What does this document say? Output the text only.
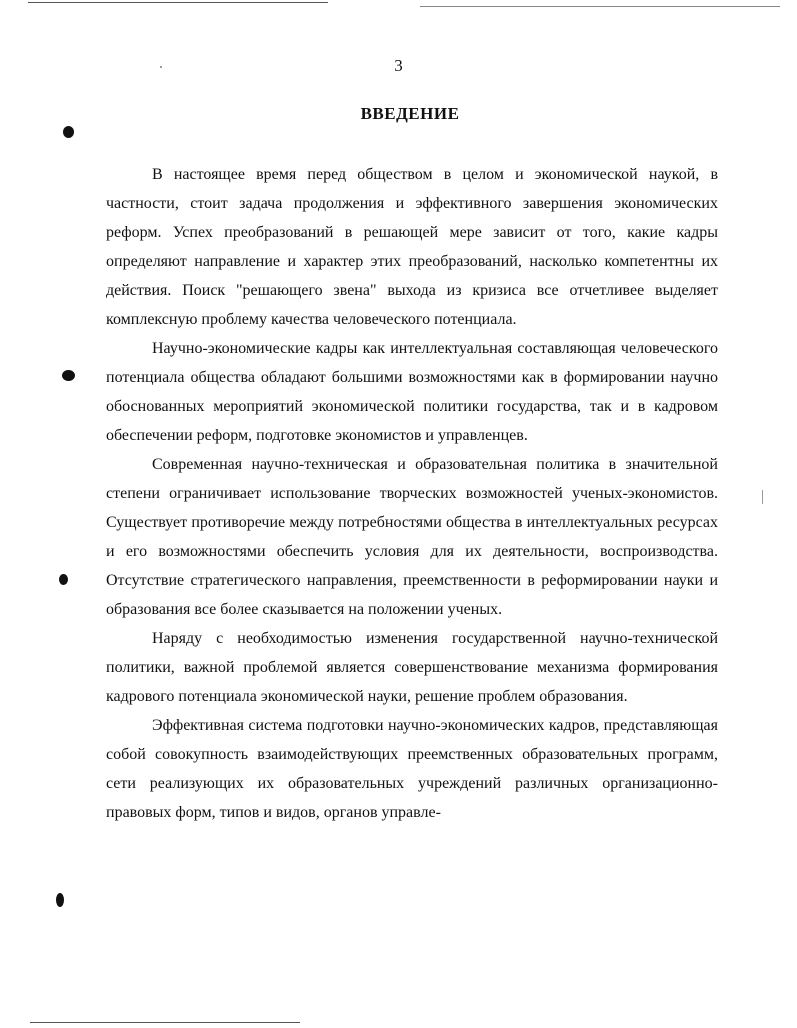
3
ВВЕДЕНИЕ

В настоящее время перед обществом в целом и экономической наукой, в частности, стоит задача продолжения и эффективного завершения экономических реформ. Успех преобразований в решающей мере зависит от того, какие кадры определяют направление и характер этих преобразований, насколько компетентны их действия. Поиск "решающего звена" выхода из кризиса все отчетливее выделяет комплексную проблему качества человеческого потенциала.

Научно-экономические кадры как интеллектуальная составляющая человеческого потенциала общества обладают большими возможностями как в формировании научно обоснованных мероприятий экономической политики государства, так и в кадровом обеспечении реформ, подготовке экономистов и управленцев.

Современная научно-техническая и образовательная политика в значительной степени ограничивает использование творческих возможностей ученых-экономистов. Существует противоречие между потребностями общества в интеллектуальных ресурсах и его возможностями обеспечить условия для их деятельности, воспроизводства. Отсутствие стратегического направления, преемственности в реформировании науки и образования все более сказывается на положении ученых.

Наряду с необходимостью изменения государственной научно-технической политики, важной проблемой является совершенствование механизма формирования кадрового потенциала экономической науки, решение проблем образования.

Эффективная система подготовки научно-экономических кадров, представляющая собой совокупность взаимодействующих преемственных образовательных программ, сети реализующих их образовательных учреждений различных организационно-правовых форм, типов и видов, органов управле-
